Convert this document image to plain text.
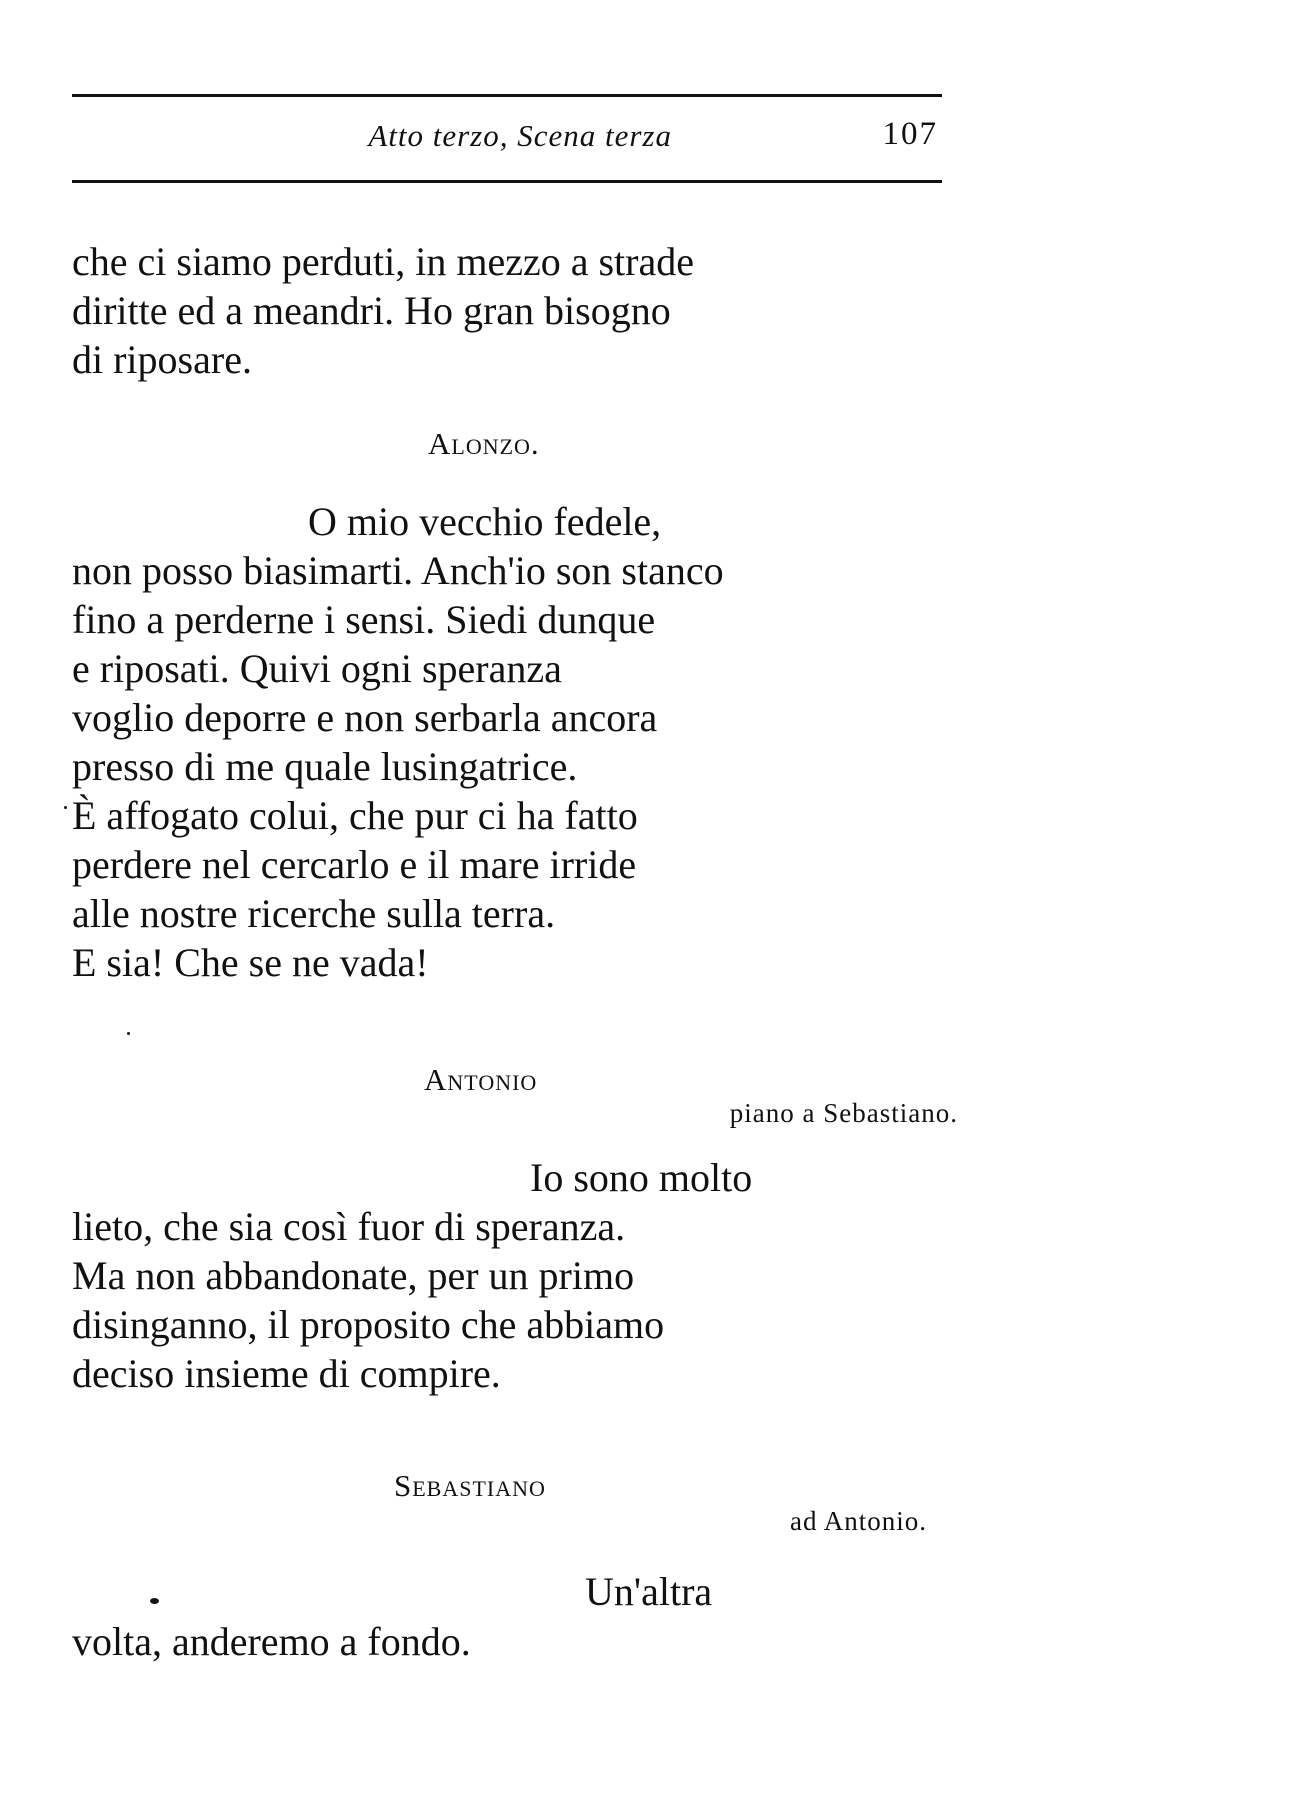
Atto terzo, Scena terza	107
che ci siamo perduti, in mezzo a strade
diritte ed a meandri. Ho gran bisogno
di riposare.
Alonzo.
O mio vecchio fedele,
non posso biasimarti. Anch'io son stanco
fino a perderne i sensi. Siedi dunque
e riposati. Quivi ogni speranza
voglio deporre e non serbarla ancora
presso di me quale lusingatrice.
È affogato colui, che pur ci ha fatto
perdere nel cercarlo e il mare irride
alle nostre ricerche sulla terra.
E sia! Che se ne vada!
Antonio
piano a Sebastiano.
Io sono molto
lieto, che sia così fuor di speranza.
Ma non abbandonate, per un primo
disinganno, il proposito che abbiamo
deciso insieme di compire.
Sebastiano
ad Antonio.
Un'altra
volta, anderemo a fondo.
